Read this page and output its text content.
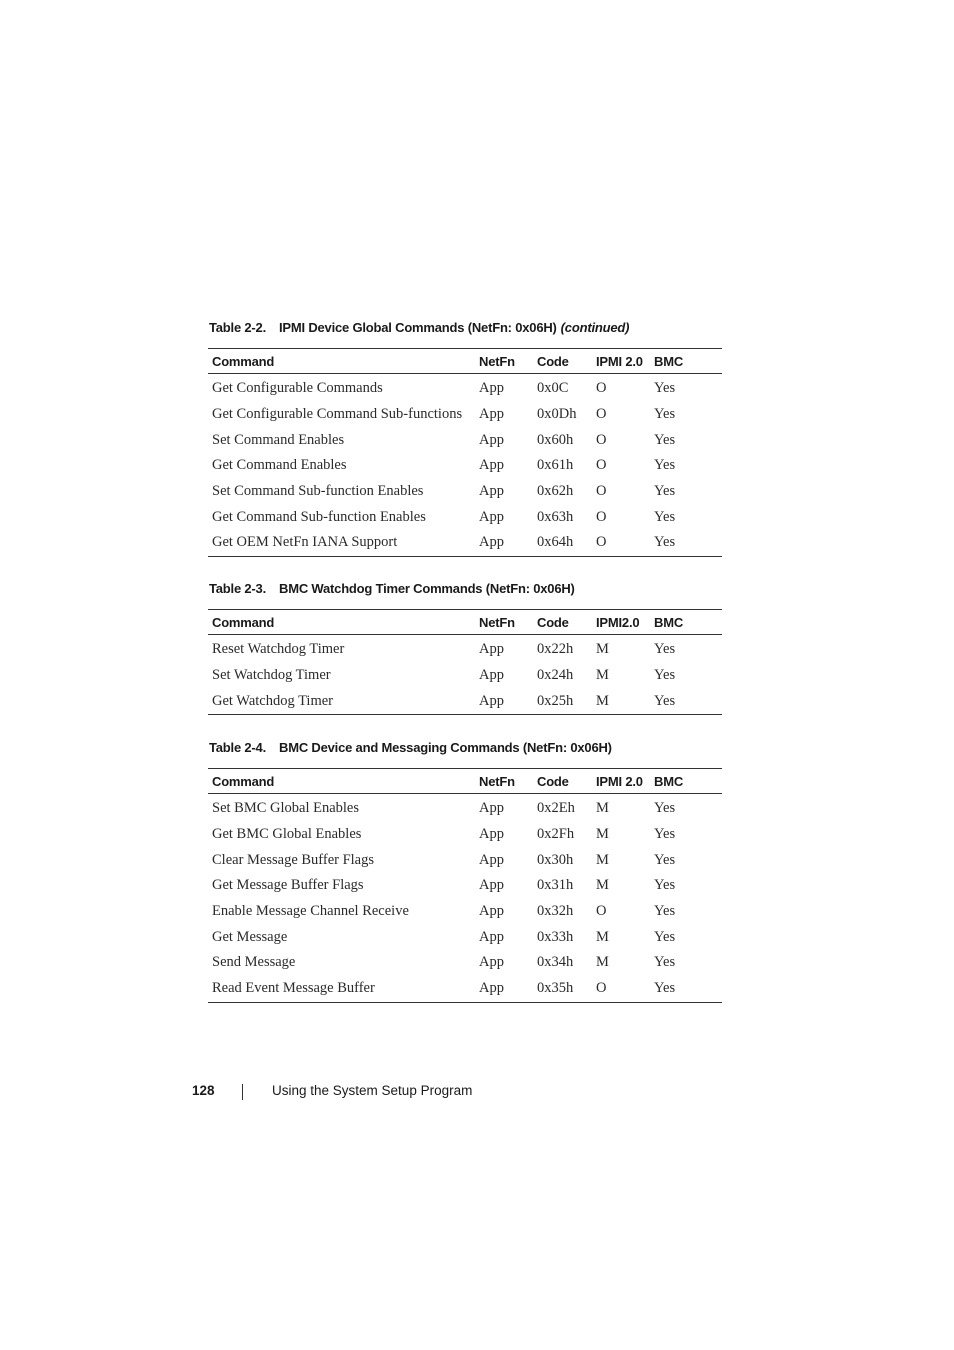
Table 2-2. IPMI Device Global Commands (NetFn: 0x06H) (continued)
Command	NetFn	Code	IPMI 2.0	BMC
Get Configurable Commands	App	0x0C	O	Yes
Get Configurable Command Sub-functions	App	0x0Dh	O	Yes
Set Command Enables	App	0x60h	O	Yes
Get Command Enables	App	0x61h	O	Yes
Set Command Sub-function Enables	App	0x62h	O	Yes
Get Command Sub-function Enables	App	0x63h	O	Yes
Get OEM NetFn IANA Support	App	0x64h	O	Yes
Table 2-3. BMC Watchdog Timer Commands (NetFn: 0x06H)
Command	NetFn	Code	IPMI2.0	BMC
Reset Watchdog Timer	App	0x22h	M	Yes
Set Watchdog Timer	App	0x24h	M	Yes
Get Watchdog Timer	App	0x25h	M	Yes
Table 2-4. BMC Device and Messaging Commands (NetFn: 0x06H)
Command	NetFn	Code	IPMI 2.0	BMC
Set BMC Global Enables	App	0x2Eh	M	Yes
Get BMC Global Enables	App	0x2Fh	M	Yes
Clear Message Buffer Flags	App	0x30h	M	Yes
Get Message Buffer Flags	App	0x31h	M	Yes
Enable Message Channel Receive	App	0x32h	O	Yes
Get Message	App	0x33h	M	Yes
Send Message	App	0x34h	M	Yes
Read Event Message Buffer	App	0x35h	O	Yes
128	Using the System Setup Program
